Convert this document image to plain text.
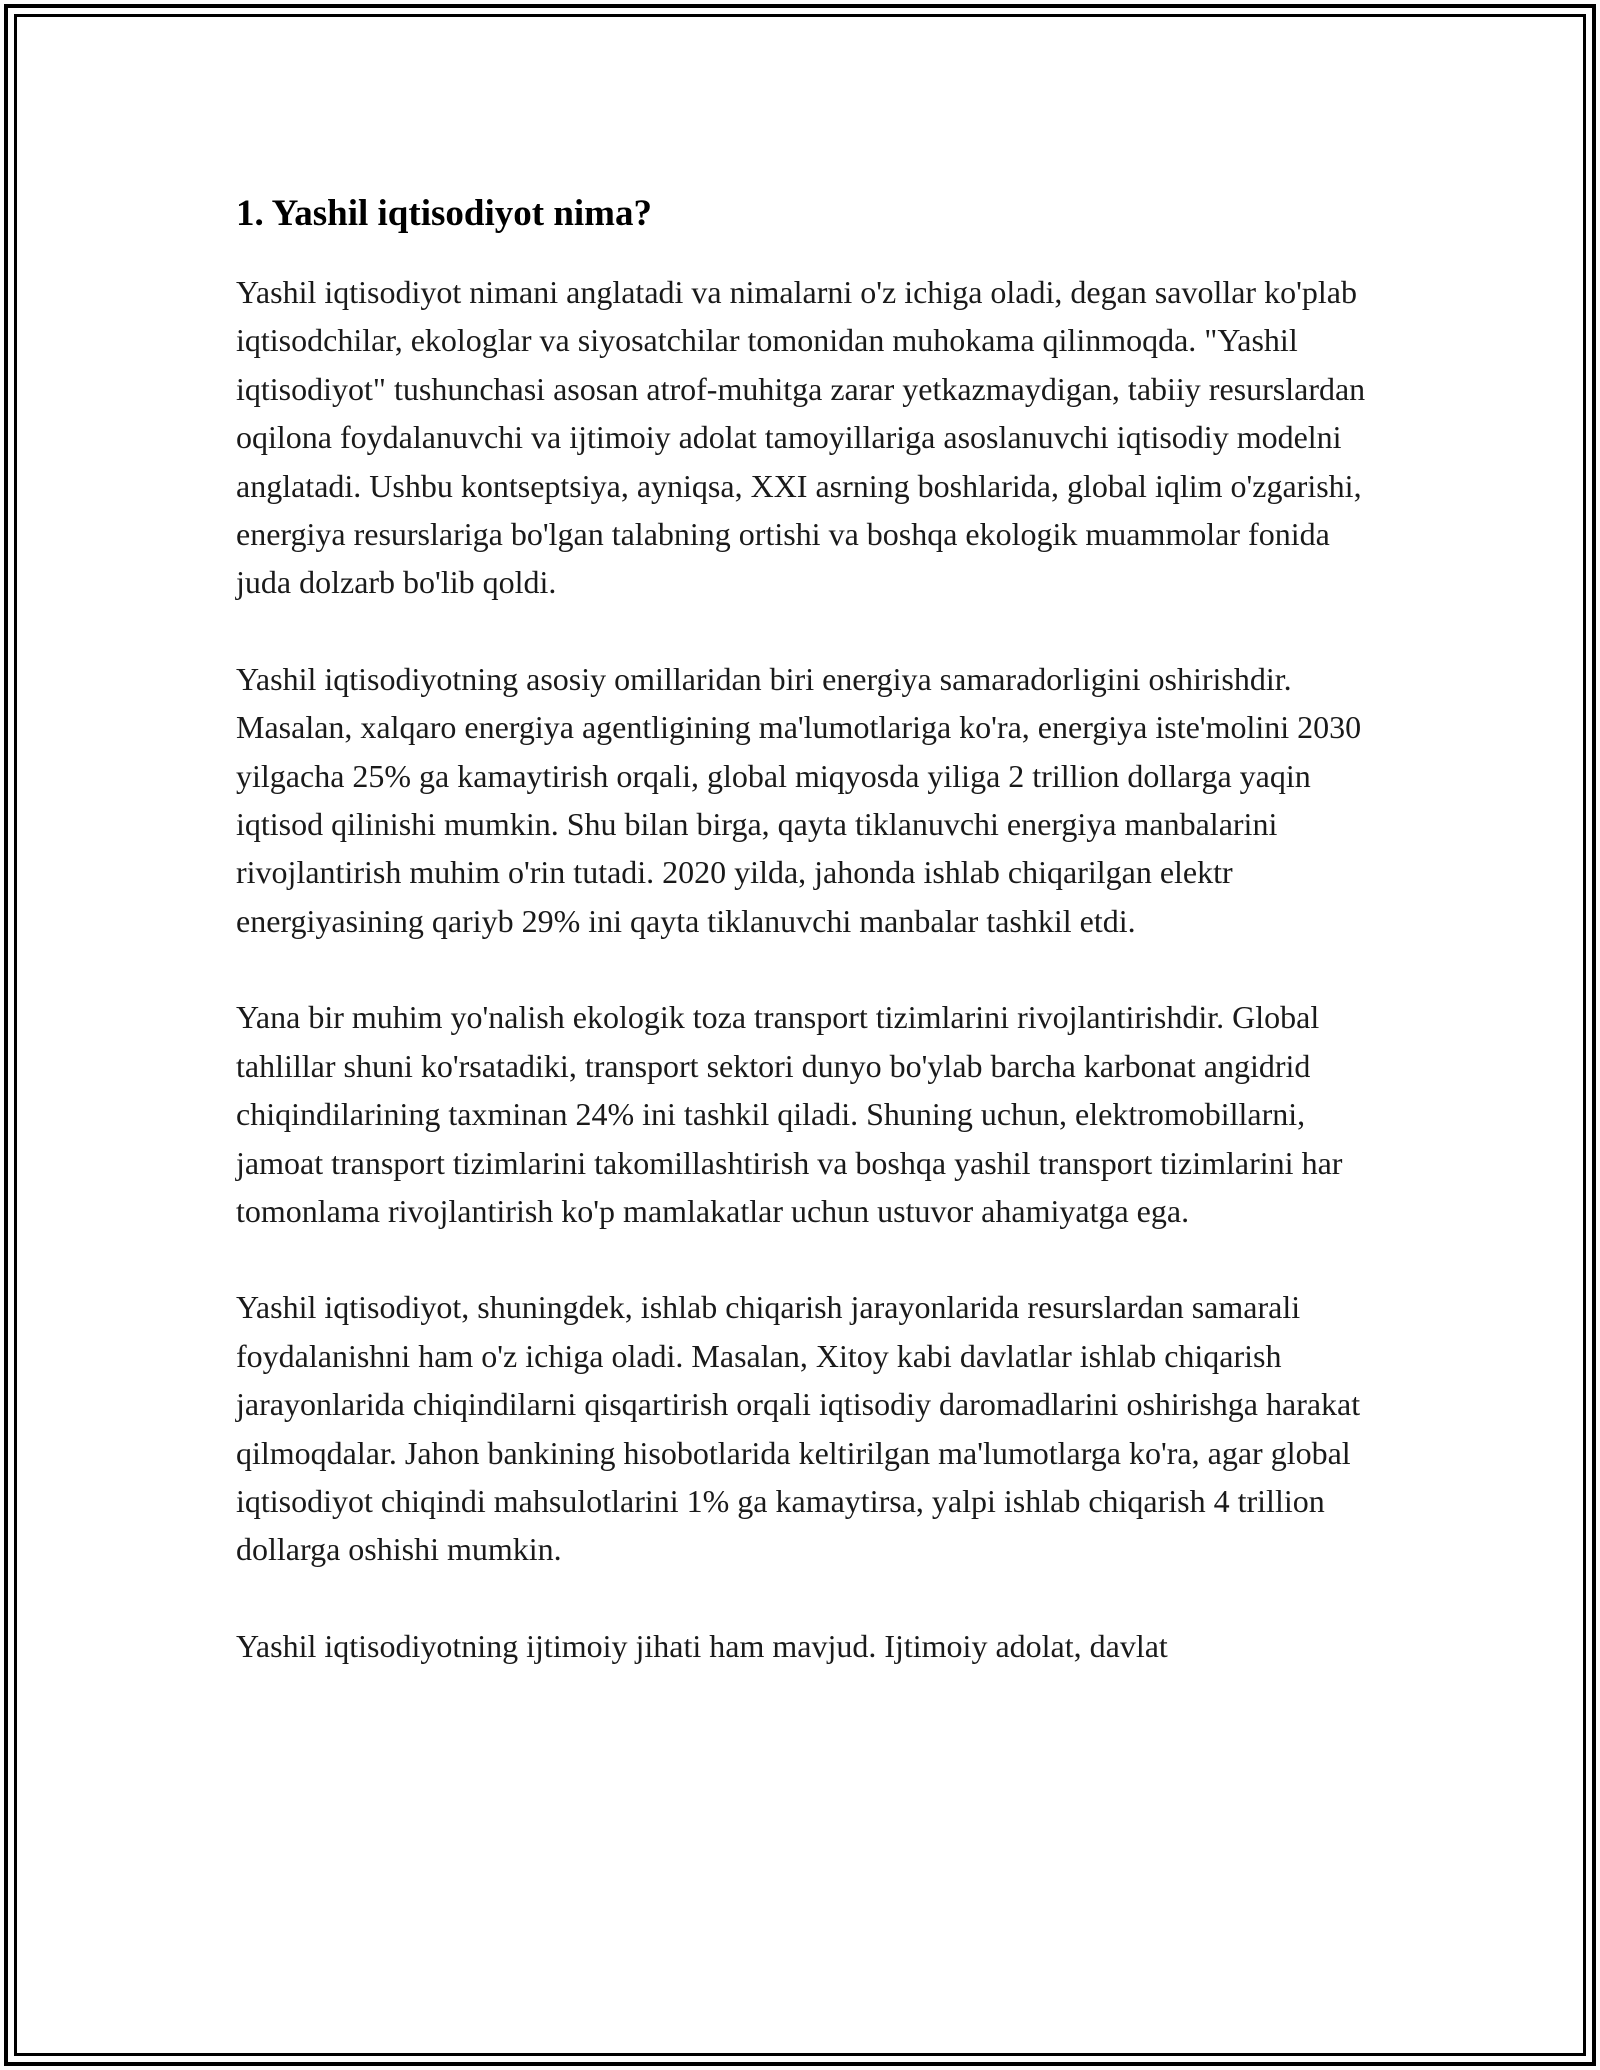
1. Yashil iqtisodiyot nima?

Yashil iqtisodiyot nimani anglatadi va nimalarni o'z ichiga oladi, degan savollar ko'plab iqtisodchilar, ekologlar va siyosatchilar tomonidan muhokama qilinmoqda. "Yashil iqtisodiyot" tushunchasi asosan atrof-muhitga zarar yetkazmaydigan, tabiiy resurslardan oqilona foydalanuvchi va ijtimoiy adolat tamoyillariga asoslanuvchi iqtisodiy modelni anglatadi. Ushbu kontseptsiya, ayniqsa, XXI asrning boshlarida, global iqlim o'zgarishi, energiya resurslariga bo'lgan talabning ortishi va boshqa ekologik muammolar fonida juda dolzarb bo'lib qoldi.

Yashil iqtisodiyotning asosiy omillaridan biri energiya samaradorligini oshirishdir. Masalan, xalqaro energiya agentligining ma'lumotlariga ko'ra, energiya iste'molini 2030 yilgacha 25% ga kamaytirish orqali, global miqyosda yiliga 2 trillion dollarga yaqin iqtisod qilinishi mumkin. Shu bilan birga, qayta tiklanuvchi energiya manbalarini rivojlantirish muhim o'rin tutadi. 2020 yilda, jahonda ishlab chiqarilgan elektr energiyasining qariyb 29% ini qayta tiklanuvchi manbalar tashkil etdi.

Yana bir muhim yo'nalish ekologik toza transport tizimlarini rivojlantirishdir. Global tahlillar shuni ko'rsatadiki, transport sektori dunyo bo'ylab barcha karbonat angidrid chiqindilarining taxminan 24% ini tashkil qiladi. Shuning uchun, elektromobillarni, jamoat transport tizimlarini takomillashtirish va boshqa yashil transport tizimlarini har tomonlama rivojlantirish ko'p mamlakatlar uchun ustuvor ahamiyatga ega.

Yashil iqtisodiyot, shuningdek, ishlab chiqarish jarayonlarida resurslardan samarali foydalanishni ham o'z ichiga oladi. Masalan, Xitoy kabi davlatlar ishlab chiqarish jarayonlarida chiqindilarni qisqartirish orqali iqtisodiy daromadlarini oshirishga harakat qilmoqdalar. Jahon bankining hisobotlarida keltirilgan ma'lumotlarga ko'ra, agar global iqtisodiyot chiqindi mahsulotlarini 1% ga kamaytirsa, yalpi ishlab chiqarish 4 trillion dollarga oshishi mumkin.

Yashil iqtisodiyotning ijtimoiy jihati ham mavjud. Ijtimoiy adolat, davlat
